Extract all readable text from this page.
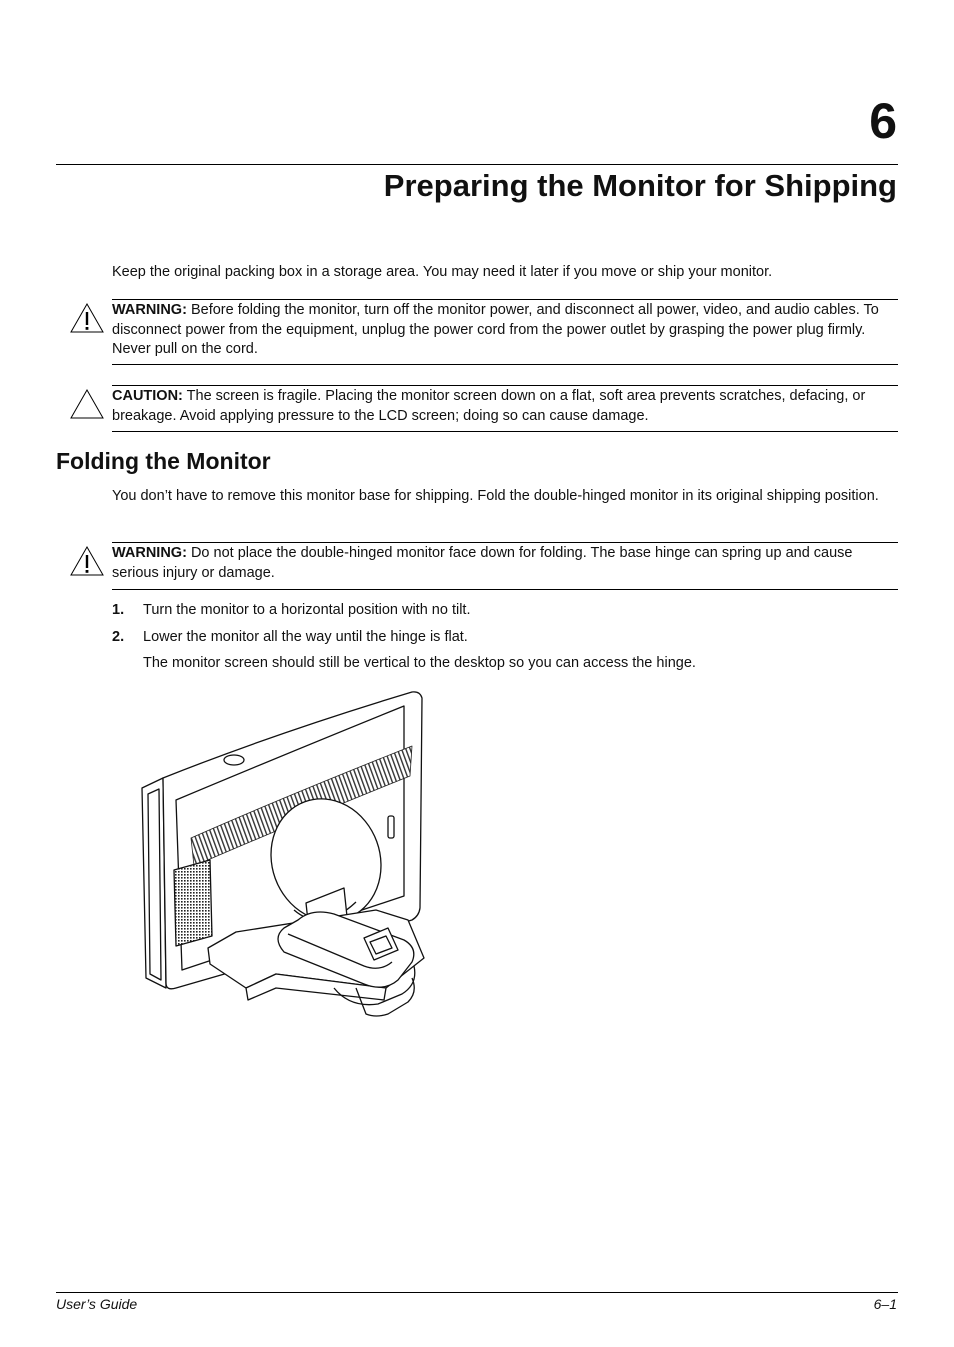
6
Preparing the Monitor for Shipping

Keep the original packing box in a storage area. You may need it later if you move or ship your monitor.

WARNING: Before folding the monitor, turn off the monitor power, and disconnect all power, video, and audio cables. To disconnect power from the equipment, unplug the power cord from the power outlet by grasping the power plug firmly. Never pull on the cord.
CAUTION: The screen is fragile. Placing the monitor screen down on a flat, soft area prevents scratches, defacing, or breakage. Avoid applying pressure to the LCD screen; doing so can cause damage.
Folding the Monitor

You don’t have to remove this monitor base for shipping. Fold the double-hinged monitor in its original shipping position.

WARNING: Do not place the double-hinged monitor face down for folding. The base hinge can spring up and cause serious injury or damage.
1. Turn the monitor to a horizontal position with no tilt.
2. Lower the monitor all the way until the hinge is flat.
The monitor screen should still be vertical to the desktop so you can access the hinge.
User’s Guide	6–1
